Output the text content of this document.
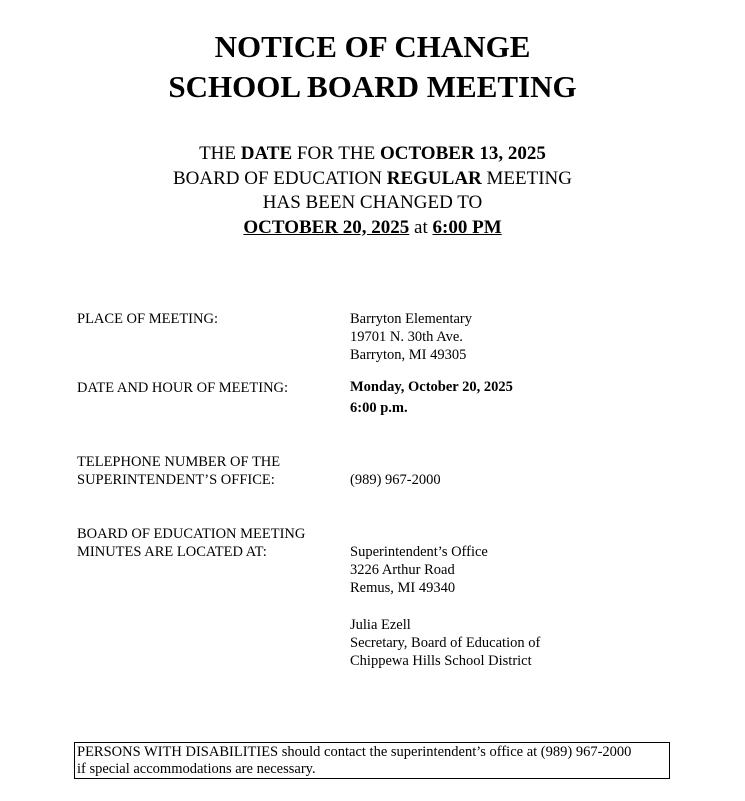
NOTICE OF CHANGE
SCHOOL BOARD MEETING
THE DATE FOR THE OCTOBER 13, 2025
BOARD OF EDUCATION REGULAR MEETING
HAS BEEN CHANGED TO
OCTOBER 20, 2025 at 6:00 PM
PLACE OF MEETING:	Barryton Elementary
19701 N. 30th Ave.
Barryton, MI 49305
DATE AND HOUR OF MEETING:	Monday, October 20, 2025
6:00 p.m.
TELEPHONE NUMBER OF THE
SUPERINTENDENT’S OFFICE:	(989) 967-2000
BOARD OF EDUCATION MEETING
MINUTES ARE LOCATED AT:	Superintendent’s Office
3226 Arthur Road
Remus, MI 49340
Julia Ezell
Secretary, Board of Education of
Chippewa Hills School District
PERSONS WITH DISABILITIES should contact the superintendent’s office at (989) 967-2000
if special accommodations are necessary.
